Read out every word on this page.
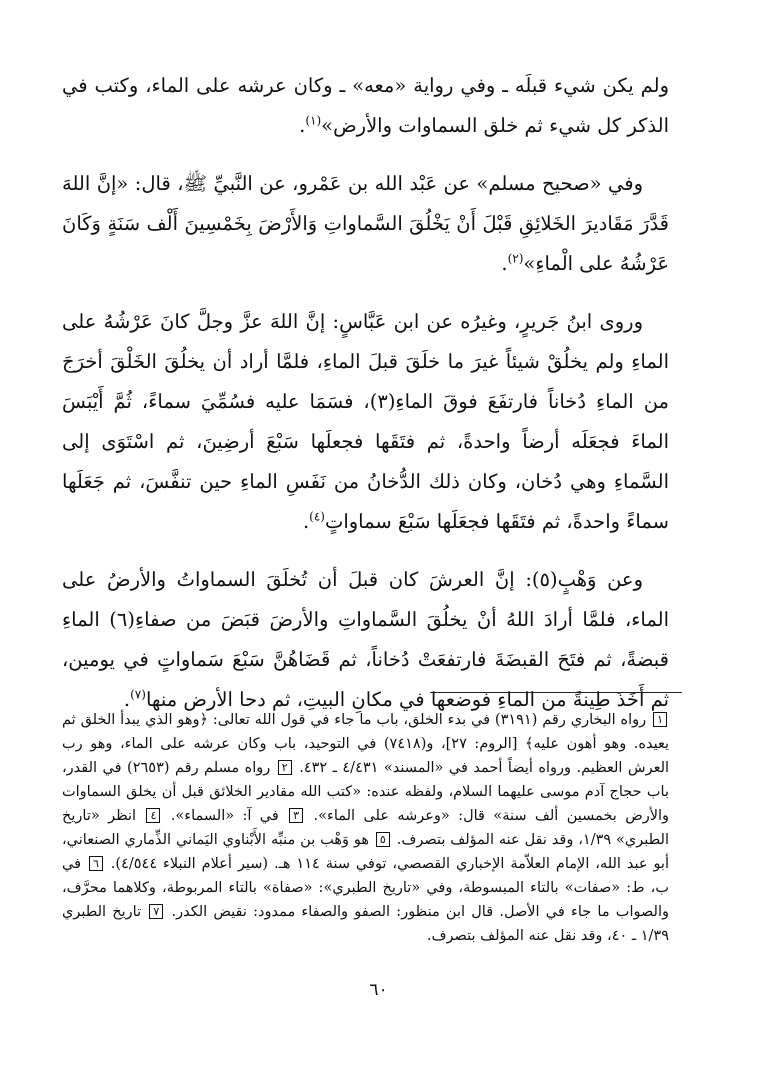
ولم يكن شيء قبلَه ـ وفي رواية «معه» ـ وكان عرشه على الماء، وكتب في الذكر كل شيء ثم خلق السماوات والأرض»$^{(١)}$.

وفي «صحيح مسلم» عن عَبْد الله بن عَمْرو، عن النَّبيِّ ﷺ، قال: «إنَّ اللهَ قَدَّرَ مَقَاديرَ الخَلائِقِ قَبْلَ أَنْ يَخْلُقَ السَّماواتِ وَالأَرْضَ بِخَمْسِينَ أَلْف سَنَةٍ وَكَانَ عَرْشُهُ على الْماءِ»$^{(٢)}$.

وروى ابنُ جَريرٍ، وغيرُه عن ابن عَبَّاسٍ: إنَّ اللهَ عزَّ وجلَّ كانَ عَرْشُهُ على الماءِ ولم يخلُقْ شيئاً غيرَ ما خلَقَ قبلَ الماءِ، فلمَّا أراد أن يخلُقَ الخَلْقَ أخرَجَ من الماءِ دُخاناً فارتفَعَ فوقَ الماءِ(٣)، فسَمَا عليه فسُمِّيَ سماءً، ثُمَّ أَيْبَسَ الماءَ فجعَلَه أرضاً واحدةً، ثم فتَقَها فجعلَها سَبْعَ أرضِينَ، ثم اسْتَوَى إلى السَّماءِ وهي دُخان، وكان ذلك الدُّخانُ من نَفَسِ الماءِ حين تنفَّسَ، ثم جَعَلَها سماءً واحدةً، ثم فتَقَها فجعَلَها سَبْعَ سماواتٍ$^{(٤)}$.

وعن وَهْبٍ(٥): إنَّ العرشَ كان قبلَ أن تُخلَقَ السماواتُ والأرضُ على الماء، فلمَّا أرادَ اللهُ أنْ يخلُقَ السَّماواتِ والأرضَ قبَضَ من صفاءِ(٦) الماءِ قبضةً، ثم فتَحَ القبضَةَ فارتفعَتْ دُخاناً، ثم قَضَاهُنَّ سَبْعَ سَماواتٍ في يومين، ثم أَخَذَ طِينةً من الماءِ فوضعها في مكانِ البيتِ، ثم دحا الأرض منها$^{(٧)}$.

١ رواه البخاري رقم (٣١٩١) في بدء الخلق، باب ما جاء في قول الله تعالى: ﴿وهو الذي يبدأ الخلق ثم يعيده. وهو أهون عليه﴾ [الروم: ٢٧]، و(٧٤١٨) في التوحيد، باب وكان عرشه على الماء، وهو رب العرش العظيم. ورواه أيضاً أحمد في «المسند» ٤/٤٣١ ـ ٤٣٢. ٢ رواه مسلم رقم (٢٦٥٣) في القدر، باب حجاج آدم موسى عليهما السلام، ولفظه عنده: «كتب الله مقادير الخلائق قبل أن يخلق السماوات والأرض بخمسين ألف سنة» قال: «وعرشه على الماء». ٣ في آ: «السماء». ٤ انظر «تاريخ الطبري» ١/٣٩، وقد نقل عنه المؤلف بتصرف. ٥ هو وَهْب بن منبِّه الأَبْناوي اليَماني الذِّماري الصنعاني، أبو عبد الله، الإمام العلاّمة الإخباري القصصي، توفي سنة ١١٤ هـ. (سير أعلام النبلاء ٤/٥٤٤). ٦ في ب، ط: «صفات» بالتاء المبسوطة، وفي «تاريخ الطبري»: «صفاة» بالتاء المربوطة، وكلاهما محرَّف، والصواب ما جاء في الأصل. قال ابن منظور: الصفو والصفاء ممدود: نقيض الكدر. ٧ تاريخ الطبري ١/٣٩ ـ ٤٠، وقد نقل عنه المؤلف بتصرف.
٦٠
